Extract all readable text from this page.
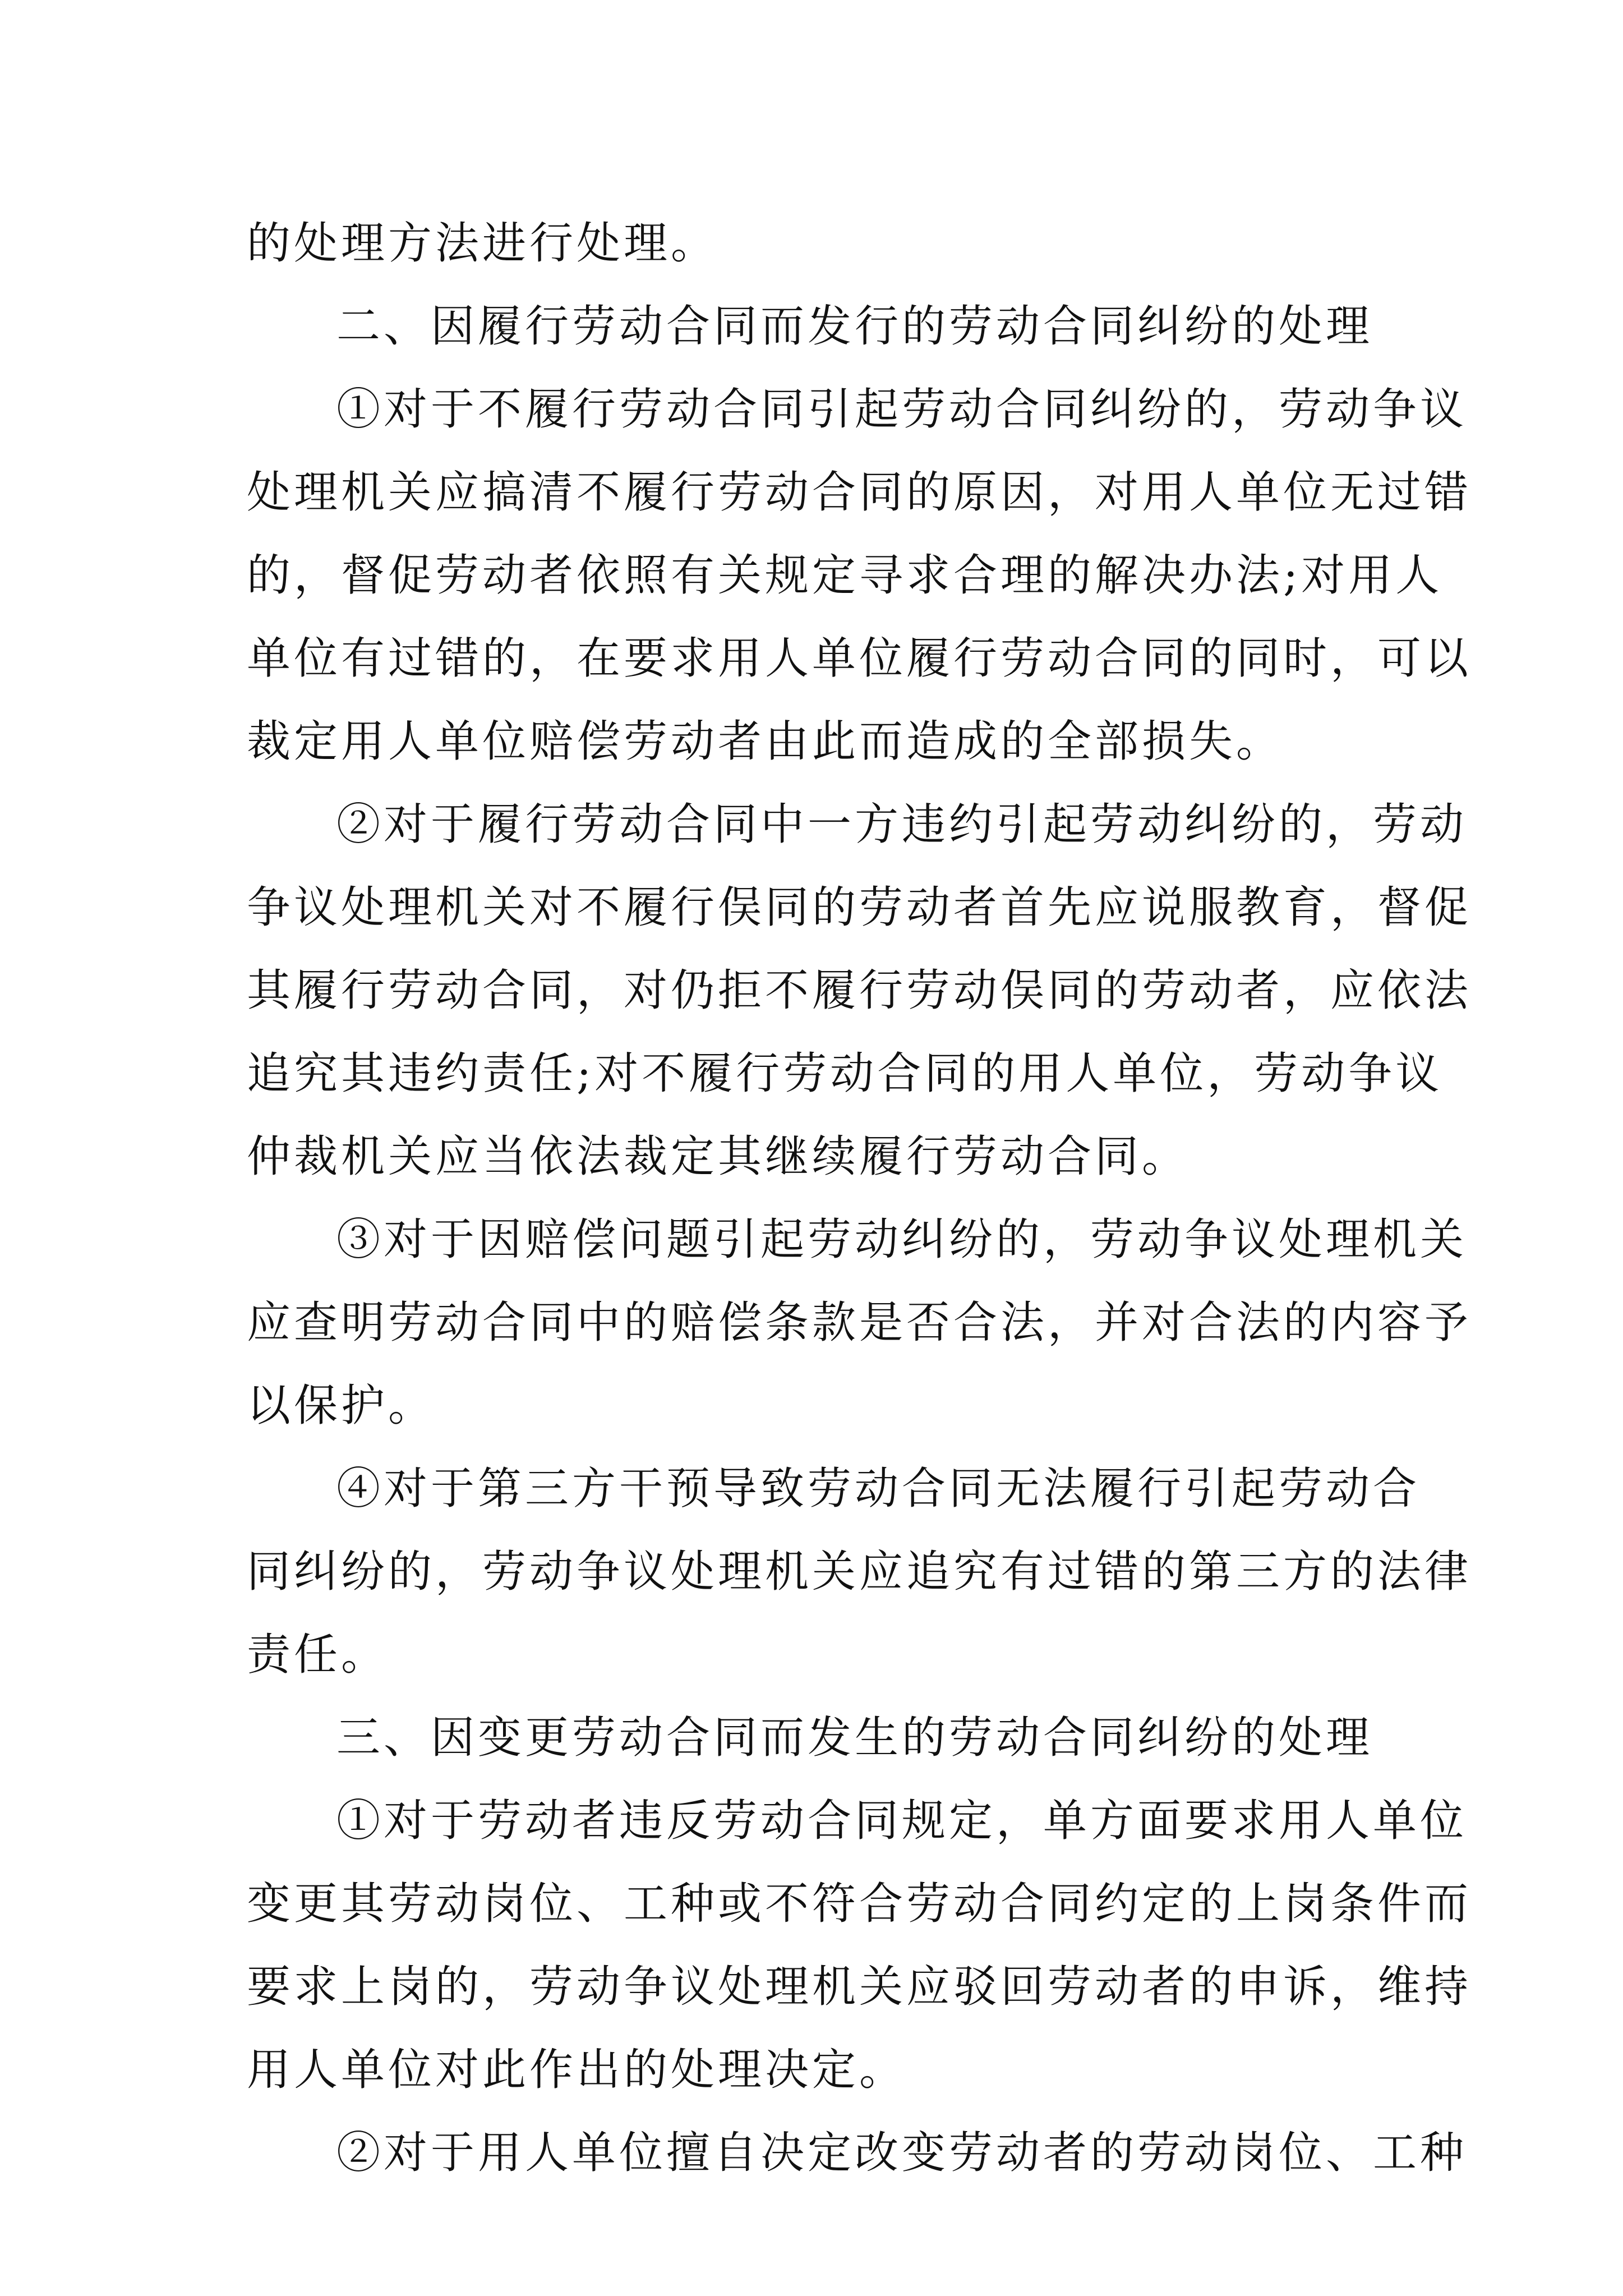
的处理方法进行处理。
二、因履行劳动合同而发行的劳动合同纠纷的处理
①对于不履行劳动合同引起劳动合同纠纷的，劳动争议
处理机关应搞清不履行劳动合同的原因，对用人单位无过错
的，督促劳动者依照有关规定寻求合理的解决办法;对用人
单位有过错的，在要求用人单位履行劳动合同的同时，可以
裁定用人单位赔偿劳动者由此而造成的全部损失。
②对于履行劳动合同中一方违约引起劳动纠纷的，劳动
争议处理机关对不履行俣同的劳动者首先应说服教育，督促
其履行劳动合同，对仍拒不履行劳动俣同的劳动者，应依法
追究其违约责任;对不履行劳动合同的用人单位，劳动争议
仲裁机关应当依法裁定其继续履行劳动合同。
③对于因赔偿问题引起劳动纠纷的，劳动争议处理机关
应查明劳动合同中的赔偿条款是否合法，并对合法的内容予
以保护。
④对于第三方干预导致劳动合同无法履行引起劳动合
同纠纷的，劳动争议处理机关应追究有过错的第三方的法律
责任。
三、因变更劳动合同而发生的劳动合同纠纷的处理
①对于劳动者违反劳动合同规定，单方面要求用人单位
变更其劳动岗位、工种或不符合劳动合同约定的上岗条件而
要求上岗的，劳动争议处理机关应驳回劳动者的申诉，维持
用人单位对此作出的处理决定。
②对于用人单位擅自决定改变劳动者的劳动岗位、工种
